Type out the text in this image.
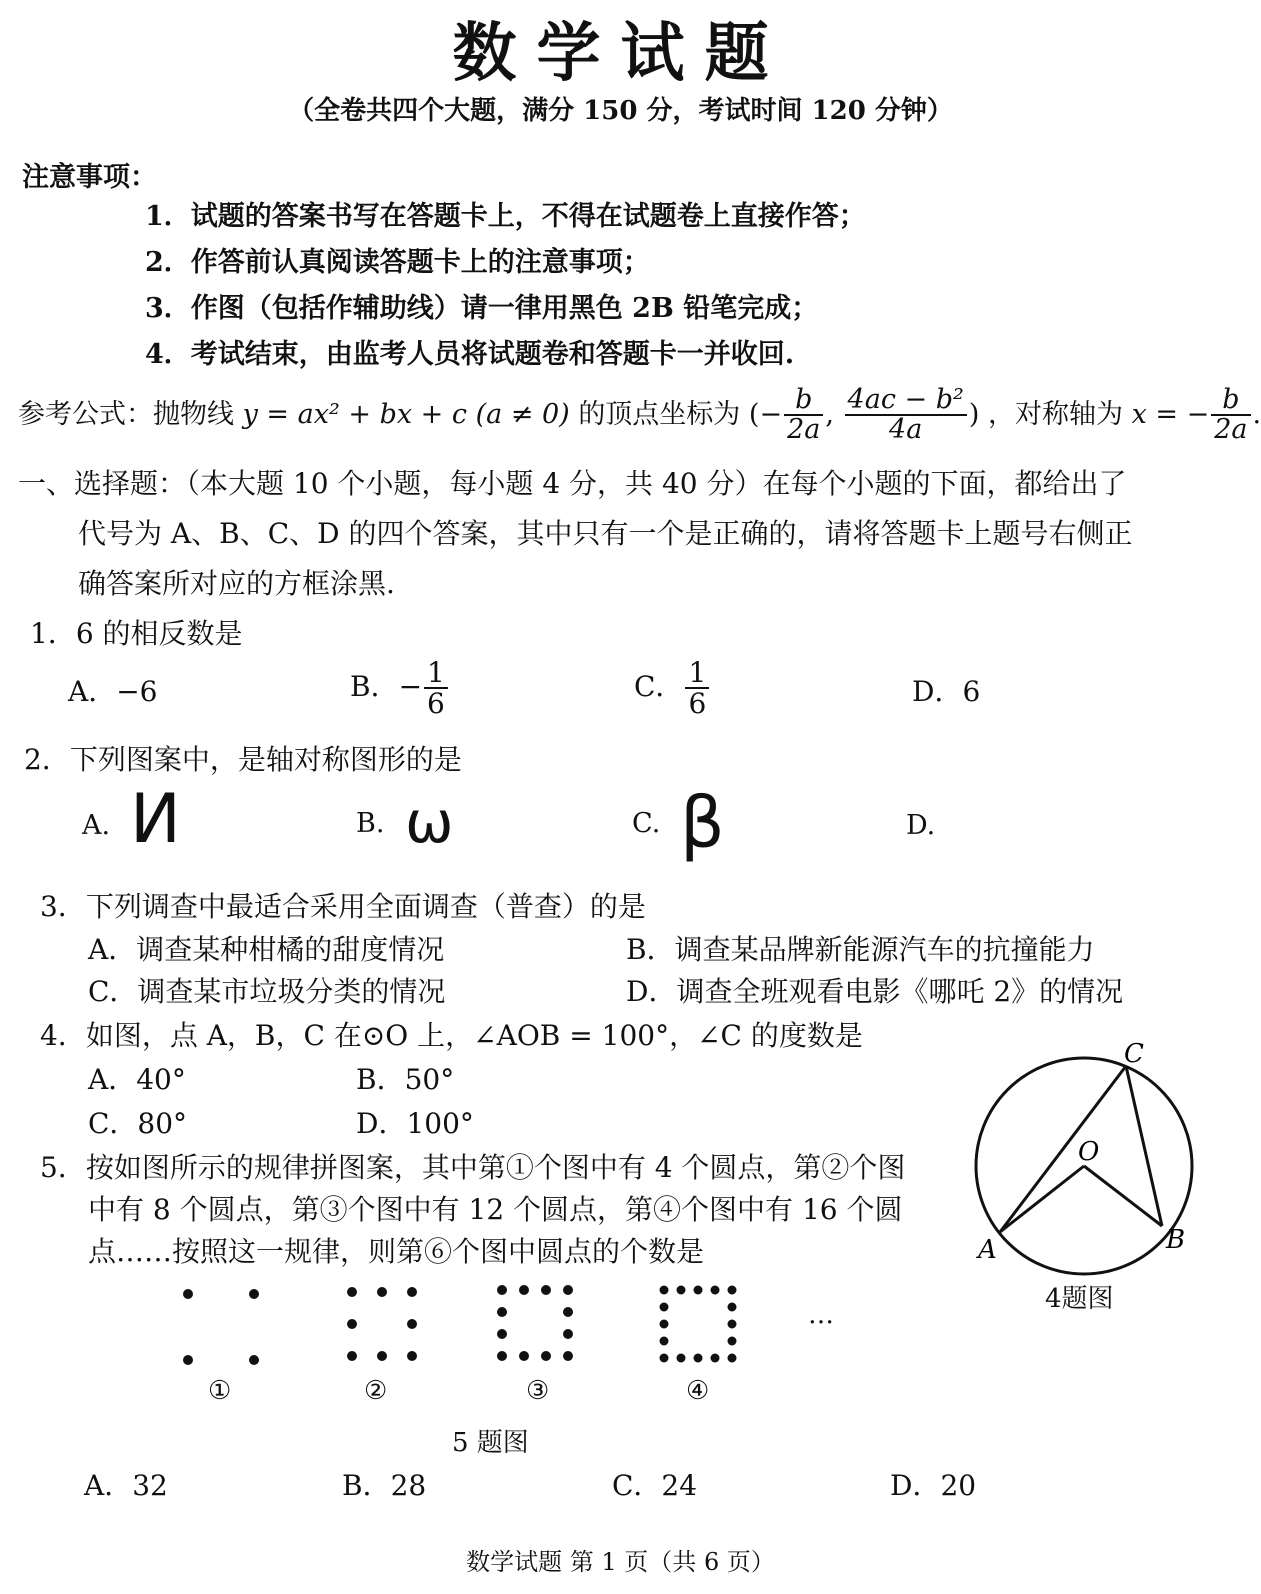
数学试题
（全卷共四个大题，满分 150 分，考试时间 120 分钟）
注意事项：
1．试题的答案书写在答题卡上，不得在试题卷上直接作答；
2．作答前认真阅读答题卡上的注意事项；
3．作图（包括作辅助线）请一律用黑色 2B 铅笔完成；
4．考试结束，由监考人员将试题卷和答题卡一并收回.
参考公式：抛物线 y = ax² + bx + c (a ≠ 0) 的顶点坐标为 (− $\frac{b}{2a}$ , $\frac{\text{4ac − b²}}{4a}$ ) ，对称轴为 x = − $\frac{b}{2a}$ .
一、选择题：（本大题 10 个小题，每小题 4 分，共 40 分）在每个小题的下面，都给出了
代号为 A、B、C、D 的四个答案，其中只有一个是正确的，请将答题卡上题号右侧正
确答案所对应的方框涂黑.
1．6 的相反数是
A．−6	B．− $\frac{1}{6}$	C． $\frac{1}{6}$	D．6
2．下列图案中，是轴对称图形的是
A. И	B. ω	C. β	D.
3．下列调查中最适合采用全面调查（普查）的是
A．调查某种柑橘的甜度情况	B．调查某品牌新能源汽车的抗撞能力
C．调查某市垃圾分类的情况	D．调查全班观看电影《哪吒 2》的情况
4．如图，点 A，B，C 在⊙O 上，∠AOB = 100°，∠C 的度数是
A．40°	B．50°
C．80°	D．100°
O
C
A	B
4题图
5．按如图所示的规律拼图案，其中第①个图中有 4 个圆点，第②个图
中有 8 个圆点，第③个图中有 12 个圆点，第④个图中有 16 个圆
点……按照这一规律，则第⑥个图中圆点的个数是
…
①	②	③	④
5 题图
A．32	B．28	C．24	D．20
数学试题 第 1 页（共 6 页）
